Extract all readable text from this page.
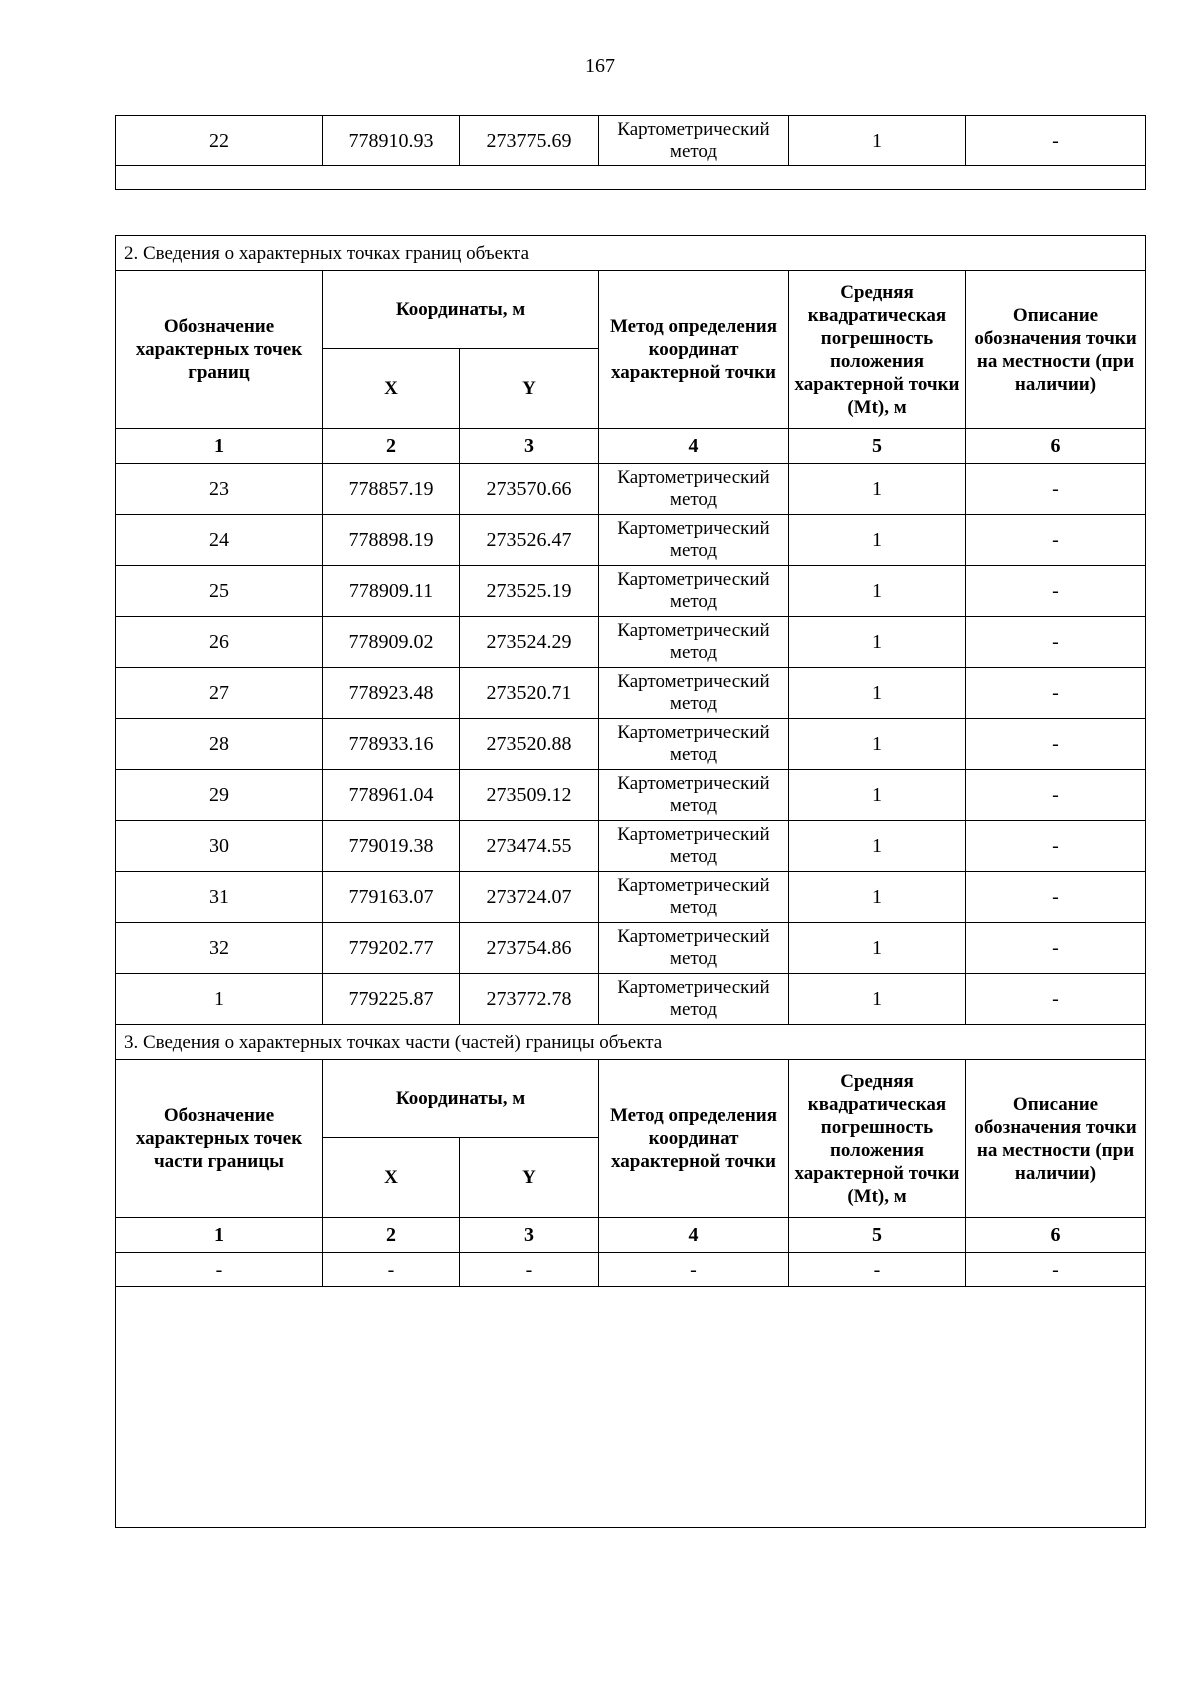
167
22	778910.93	273775.69	Картометрический метод	1	-

2. Сведения о характерных точках границ объекта					
Обозначение характерных точек границ	Координаты, м		Метод определения координат характерной точки	Средняя квадратическая погрешность положения характерной точки (Mt), м	Описание обозначения точки на местности (при наличии)
	X	Y			
1	2	3	4	5	6
23	778857.19	273570.66	Картометрический метод	1	-
24	778898.19	273526.47	Картометрический метод	1	-
25	778909.11	273525.19	Картометрический метод	1	-
26	778909.02	273524.29	Картометрический метод	1	-
27	778923.48	273520.71	Картометрический метод	1	-
28	778933.16	273520.88	Картометрический метод	1	-
29	778961.04	273509.12	Картометрический метод	1	-
30	779019.38	273474.55	Картометрический метод	1	-
31	779163.07	273724.07	Картометрический метод	1	-
32	779202.77	273754.86	Картометрический метод	1	-
1	779225.87	273772.78	Картометрический метод	1	-
3. Сведения о характерных точках части (частей) границы объекта					
Обозначение характерных точек части границы	Координаты, м		Метод определения координат характерной точки	Средняя квадратическая погрешность положения характерной точки (Mt), м	Описание обозначения точки на местности (при наличии)
	X	Y			
1	2	3	4	5	6
-	-	-	-	-	-
